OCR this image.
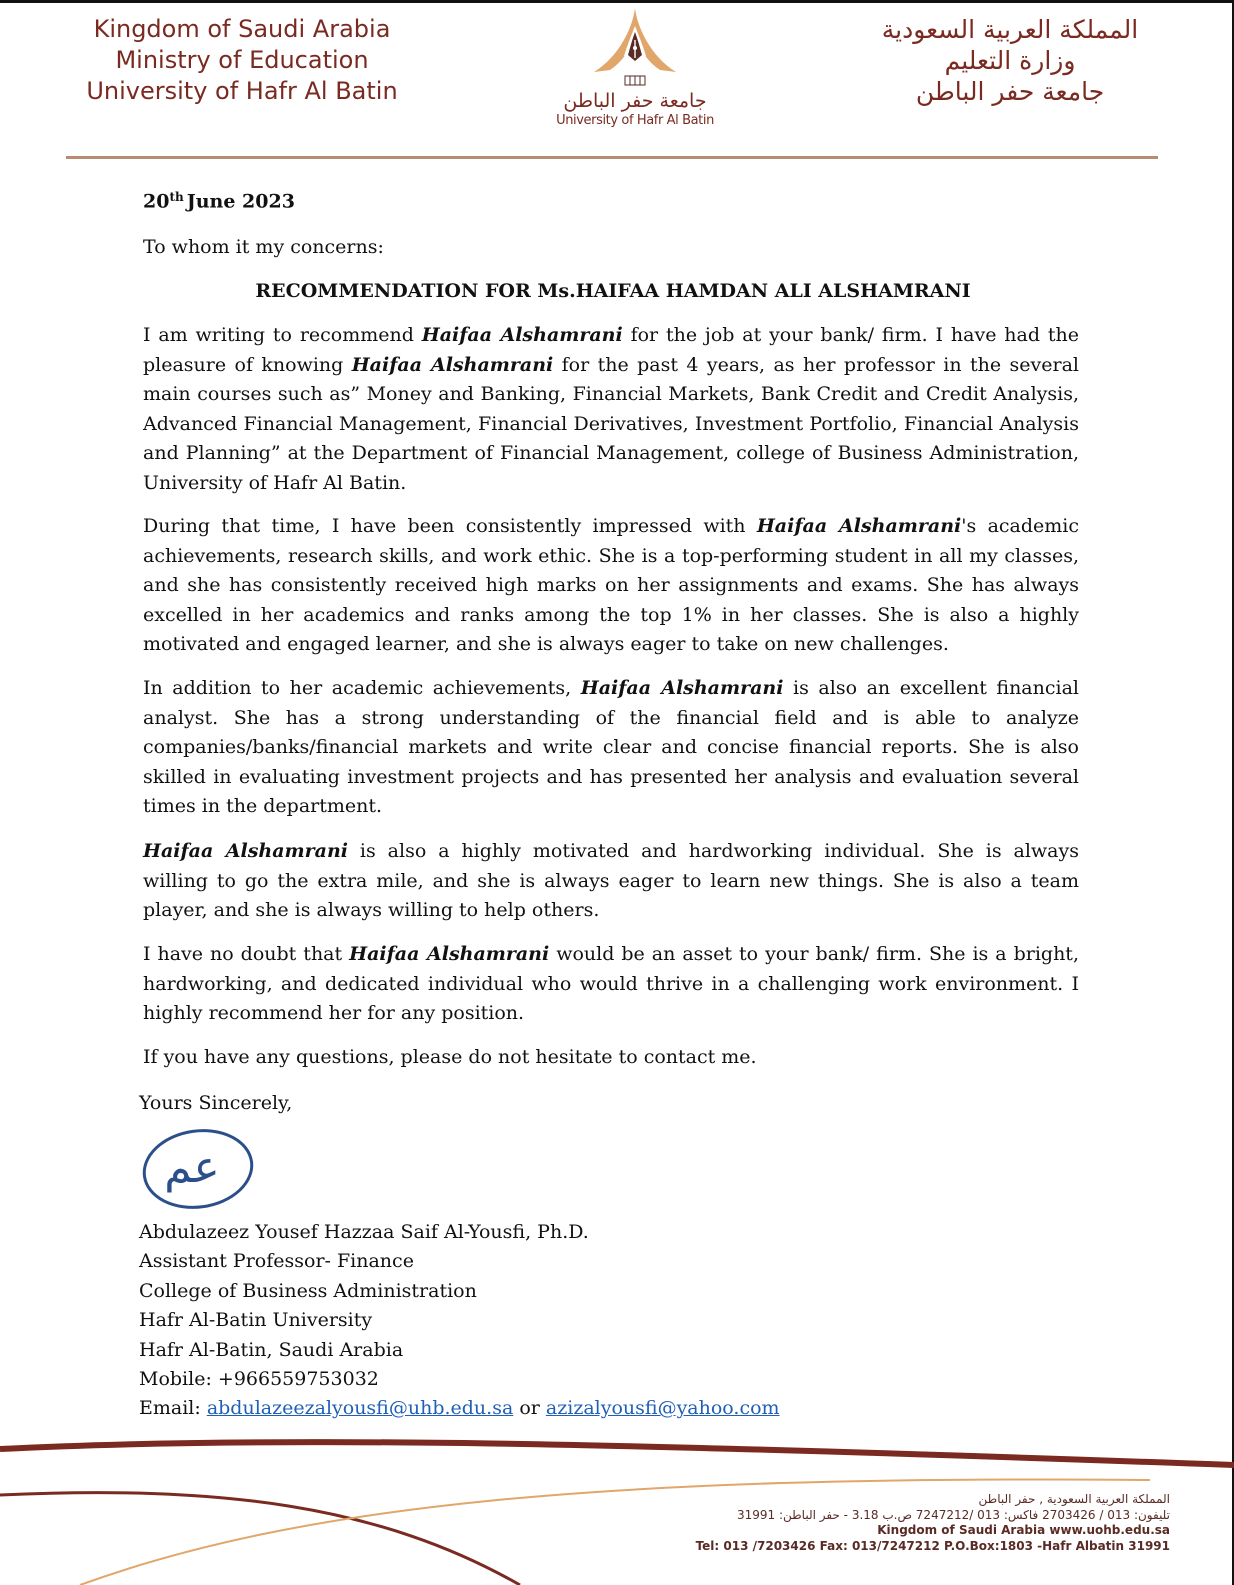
Kingdom of Saudi Arabia
Ministry of Education
University of Hafr Al Batin	جامعة حفر الباطن
University of Hafr Al Batin
المملكة العربية السعودية
وزارة التعليم
جامعة حفر الباطن
20th June 2023
To whom it my concerns:
RECOMMENDATION FOR Ms.HAIFAA HAMDAN ALI ALSHAMRANI

I am writing to recommend Haifaa Alshamrani for the job at your bank/ firm. I have had the pleasure of knowing Haifaa Alshamrani for the past 4 years, as her professor in the several main courses such as” Money and Banking, Financial Markets, Bank Credit and Credit Analysis, Advanced Financial Management, Financial Derivatives, Investment Portfolio, Financial Analysis and Planning” at the Department of Financial Management, college of Business Administration, University of Hafr Al Batin.

During that time, I have been consistently impressed with Haifaa Alshamrani's academic achievements, research skills, and work ethic. She is a top-performing student in all my classes, and she has consistently received high marks on her assignments and exams. She has always excelled in her academics and ranks among the top 1% in her classes. She is also a highly motivated and engaged learner, and she is always eager to take on new challenges.

In addition to her academic achievements, Haifaa Alshamrani is also an excellent financial analyst. She has a strong understanding of the financial field and is able to analyze companies/banks/financial markets and write clear and concise financial reports. She is also skilled in evaluating investment projects and has presented her analysis and evaluation several times in the department.

Haifaa Alshamrani is also a highly motivated and hardworking individual. She is always willing to go the extra mile, and she is always eager to learn new things. She is also a team player, and she is always willing to help others.

I have no doubt that Haifaa Alshamrani would be an asset to your bank/ firm. She is a bright, hardworking, and dedicated individual who would thrive in a challenging work environment. I highly recommend her for any position.

If you have any questions, please do not hesitate to contact me.

Yours Sincerely,
عم
Abdulazeez Yousef Hazzaa Saif Al-Yousfi, Ph.D.
Assistant Professor- Finance
College of Business Administration
Hafr Al-Batin University
Hafr Al-Batin, Saudi Arabia
Mobile: +966559753032
Email: abdulazeezalyousfi@uhb.edu.sa or azizalyousfi@yahoo.com
المملكة العربية السعودية , حفر الباطن
تليفون: 013 / 2703426 فاكس: 013 /7247212 ص.ب 3.18 - حفر الباطن: 31991
Kingdom of Saudi Arabia www.uohb.edu.sa
Tel: 013 /7203426 Fax: 013/7247212 P.O.Box:1803 -Hafr Albatin 31991
